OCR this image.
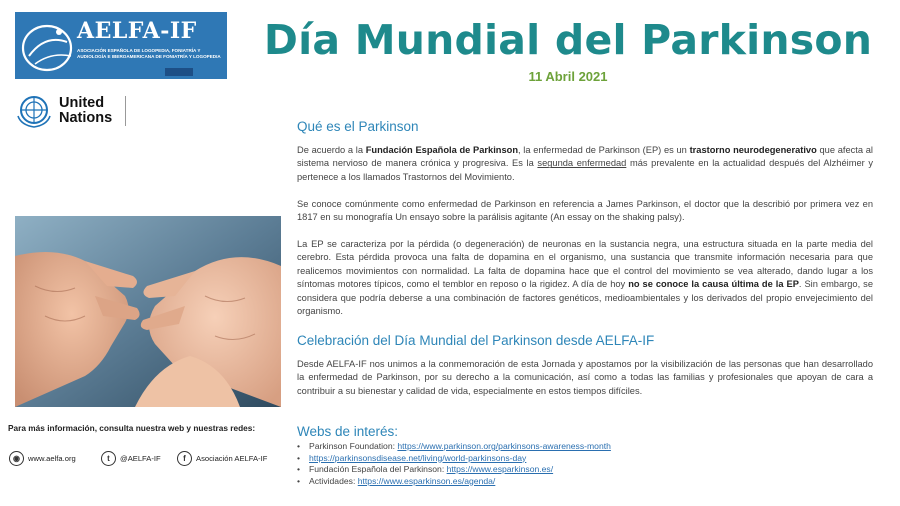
AELFA-IF
ASOCIACIÓN ESPAÑOLA DE LOGOPEDIA, FONIATRÍA Y AUDIOLOGÍA E IBEROAMERICANA DE FONIATRÍA Y LOGOPEDIA
United
Nations
Día Mundial del Parkinson
11 Abril 2021
Para más información, consulta nuestra web y nuestras redes:
◉	www.aelfa.org	t	@AELFA-IF	f	Asociación AELFA-IF
Qué es el Parkinson
De acuerdo a la Fundación Española de Parkinson, la enfermedad de Parkinson (EP) es un trastorno neurodegenerativo que afecta al sistema nervioso de manera crónica y progresiva. Es la segunda enfermedad más prevalente en la actualidad después del Alzhéimer y pertenece a los llamados Trastornos del Movimiento.
Se conoce comúnmente como enfermedad de Parkinson en referencia a James Parkinson, el doctor que la describió por primera vez en 1817 en su monografía Un ensayo sobre la parálisis agitante (An essay on the shaking palsy).
La EP se caracteriza por la pérdida (o degeneración) de neuronas en la sustancia negra, una estructura situada en la parte media del cerebro. Esta pérdida provoca una falta de dopamina en el organismo, una sustancia que transmite información necesaria para que realicemos movimientos con normalidad. La falta de dopamina hace que el control del movimiento se vea alterado, dando lugar a los síntomas motores típicos, como el temblor en reposo o la rigidez. A día de hoy no se conoce la causa última de la EP. Sin embargo, se considera que podría deberse a una combinación de factores genéticos, medioambientales y los derivados del propio envejecimiento del organismo.
Celebración del Día Mundial del Parkinson desde AELFA-IF
Desde AELFA-IF nos unimos a la conmemoración de esta Jornada y apostamos por la visibilización de las personas que han desarrollado la enfermedad de Parkinson, por su derecho a la comunicación, así como a todas las familias y profesionales que apoyan de cara a contribuir a su bienestar y calidad de vida, especialmente en estos tiempos difíciles.
Webs de interés:
• Parkinson Foundation: https://www.parkinson.org/parkinsons-awareness-month
• https://parkinsonsdisease.net/living/world-parkinsons-day
• Fundación Española del Parkinson: https://www.esparkinson.es/
• Actividades: https://www.esparkinson.es/agenda/
